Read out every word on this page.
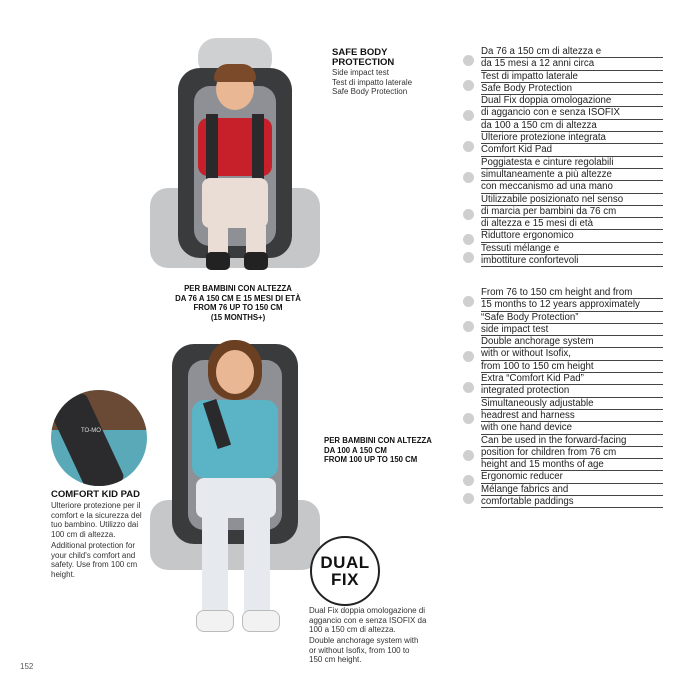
SAFE BODY PROTECTION
Side impact test
Test di impatto laterale
Safe Body Protection
PER BAMBINI CON ALTEZZA
DA 76 A 150 CM E 15 MESI DI ETÀ
FROM 76 UP TO 150 CM
(15 MONTHS+)
PER BAMBINI CON ALTEZZA
DA 100 A 150 CM
FROM 100 UP TO 150 CM
TO-MO
COMFORT KID PAD
Ulteriore protezione per il
comfort e la sicurezza del
tuo bambino. Utilizzo dai
100 cm di altezza.
Additional protection for
your child's comfort and
safety. Use from 100 cm
height.
DUAL
FIX
Dual Fix doppia omologazione di
aggancio con e senza ISOFIX da
100 a 150 cm di altezza.
Double anchorage system with
or without Isofix, from 100 to
150 cm height.
Da 76 a 150 cm di altezza e
da 15 mesi a 12 anni circa
Test di impatto laterale
Safe Body Protection
Dual Fix doppia omologazione
di aggancio con e senza ISOFIX
da 100 a 150 cm di altezza
Ulteriore protezione integrata
Comfort Kid Pad
Poggiatesta e cinture regolabili
simultaneamente a più altezze
con meccanismo ad una mano
Utilizzabile posizionato nel senso
di marcia per bambini da 76 cm
di altezza e 15 mesi di età
Riduttore ergonomico
Tessuti mélange e
imbottiture confortevoli
From 76 to 150 cm height and from
15 months to 12 years approximately
“Safe Body Protection”
side impact test
Double anchorage system
with or without Isofix,
from 100 to 150 cm height
Extra “Comfort Kid Pad”
integrated protection
Simultaneously adjustable
headrest and harness
with one hand device
Can be used in the forward-facing
position for children from 76 cm
height and 15 months of age
Ergonomic reducer
Mélange fabrics and
comfortable paddings
152
